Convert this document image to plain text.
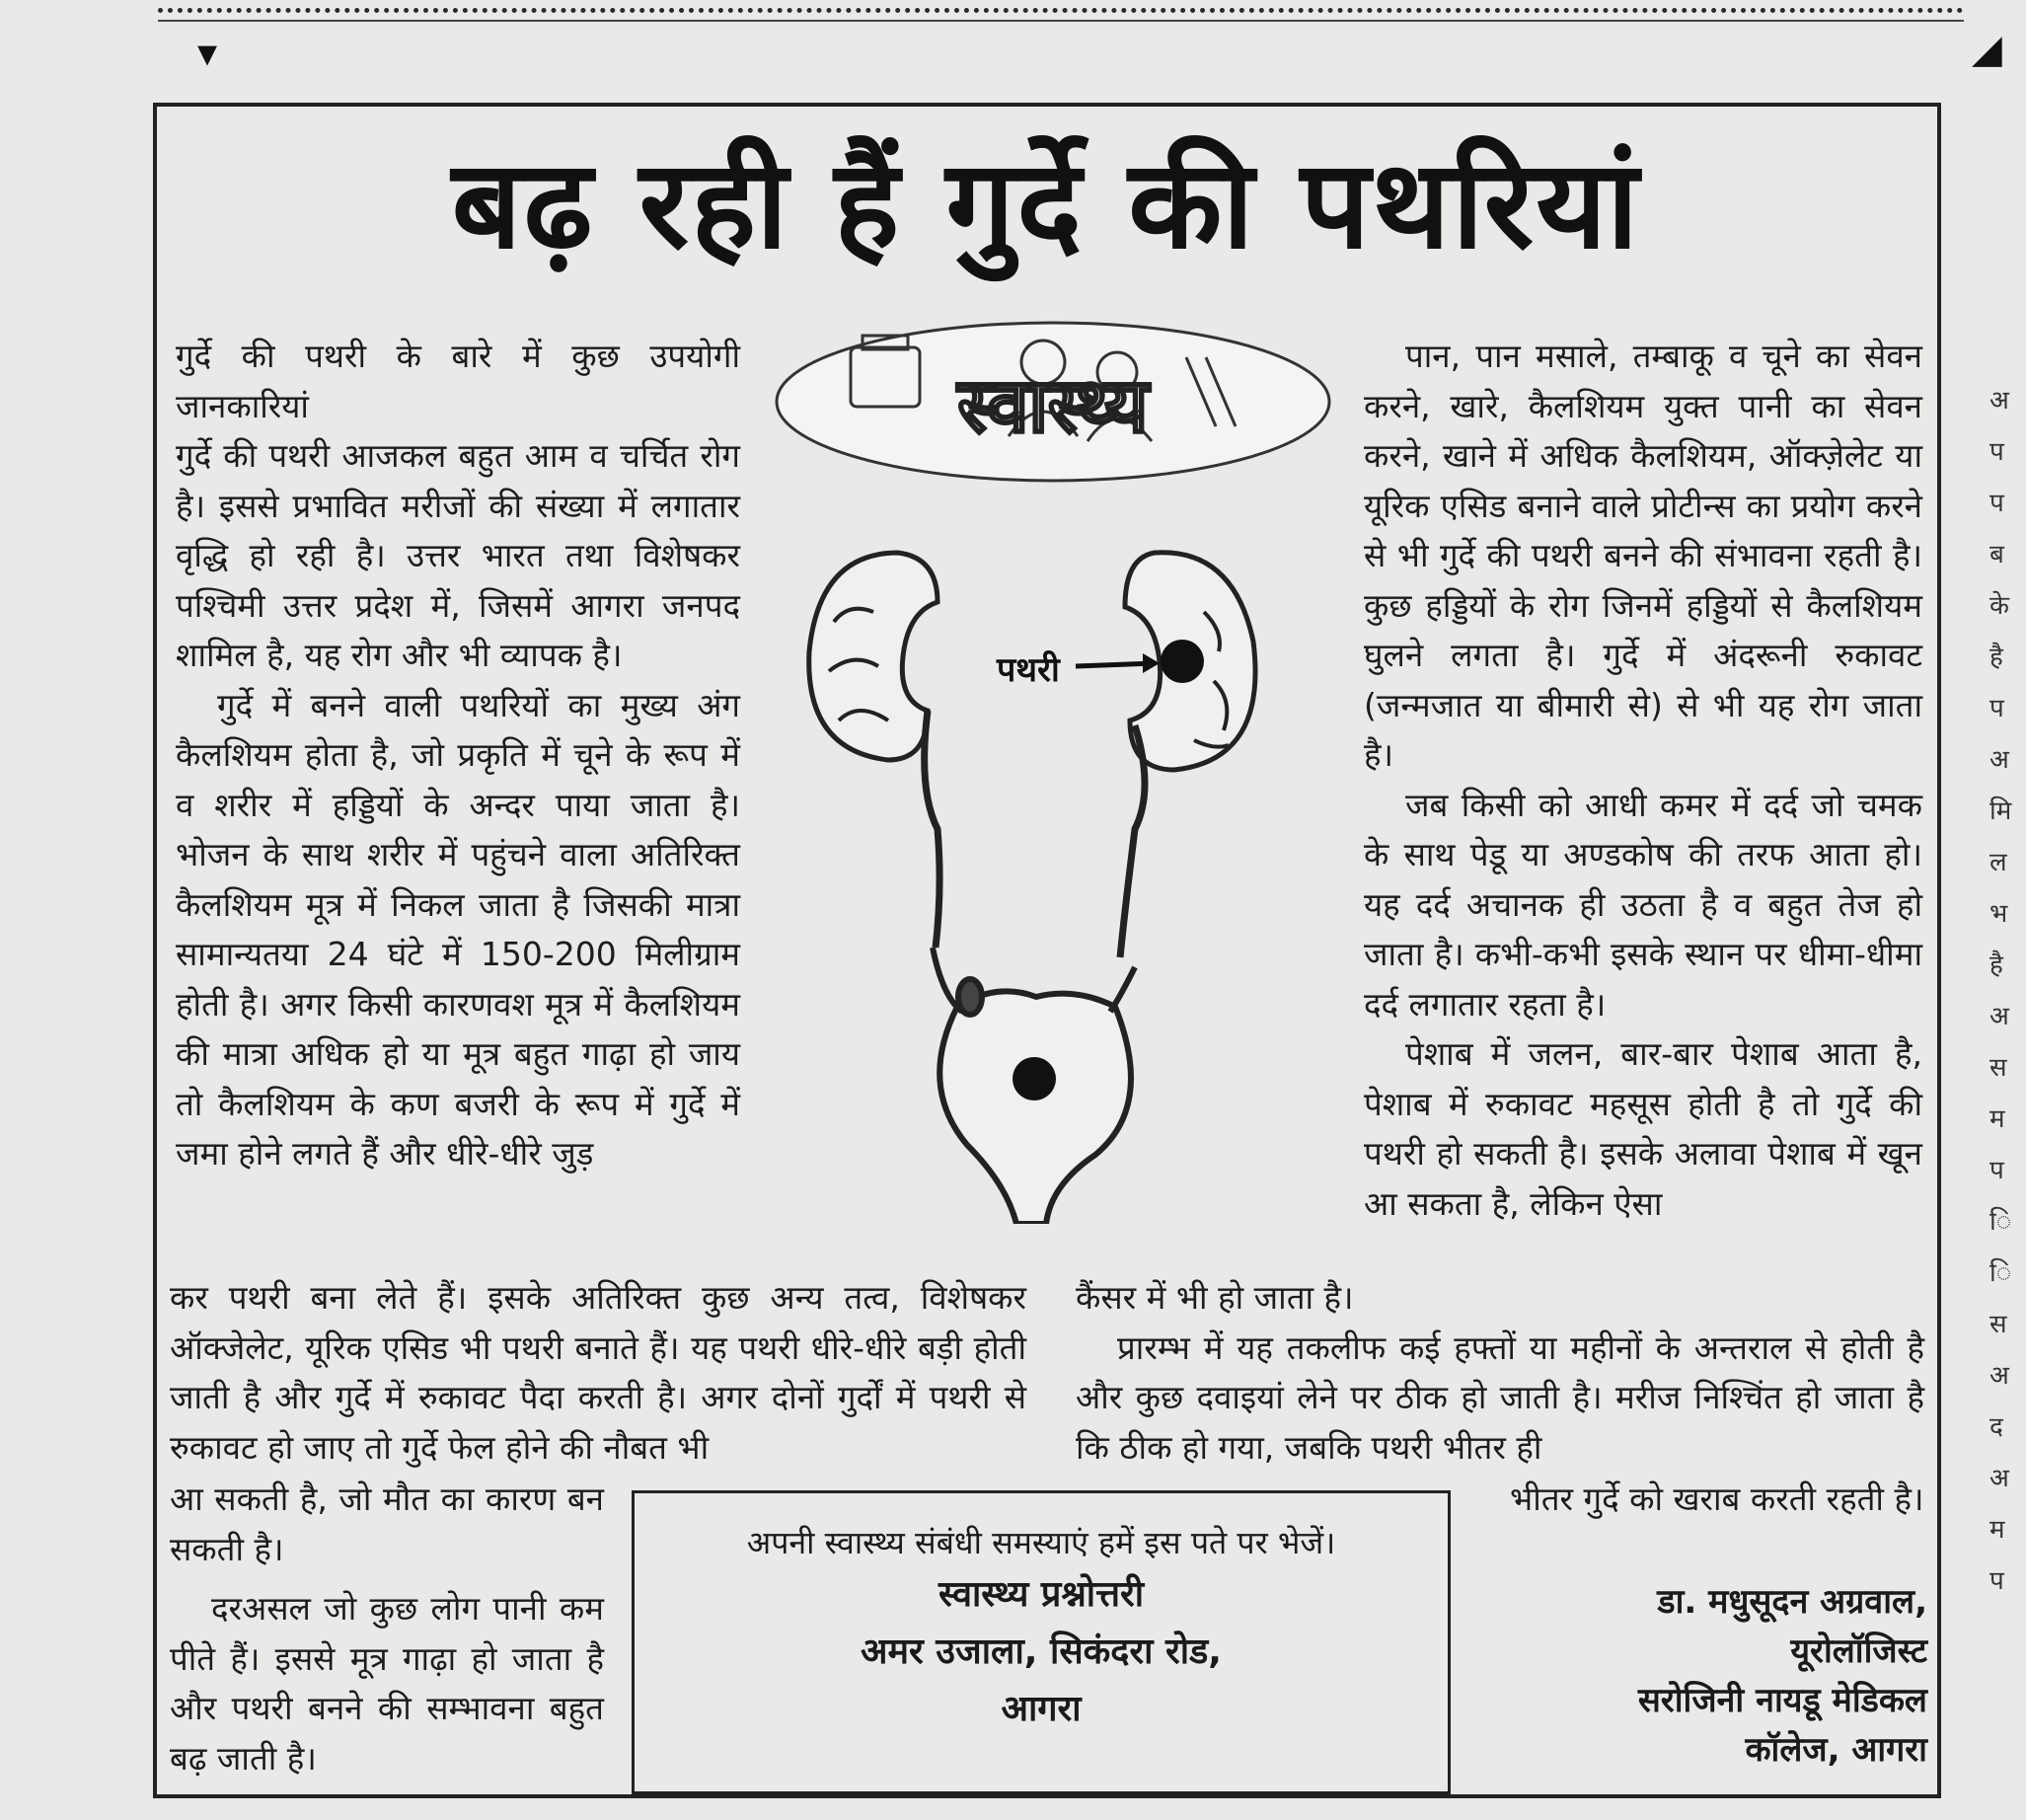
▾	◢
बढ़ रही हैं गुर्दे की पथरियां

गुर्दे की पथरी के बारे में कुछ उपयोगी जानकारियां

गुर्दे की पथरी आजकल बहुत आम व चर्चित रोग है। इससे प्रभावित मरीजों की संख्या में लगातार वृद्धि हो रही है। उत्तर भारत तथा विशेषकर पश्चिमी उत्तर प्रदेश में, जिसमें आगरा जनपद शामिल है, यह रोग और भी व्यापक है।

गुर्दे में बनने वाली पथरियों का मुख्य अंग कैलशियम होता है, जो प्रकृति में चूने के रूप में व शरीर में हड्डियों के अन्दर पाया जाता है। भोजन के साथ शरीर में पहुंचने वाला अतिरिक्त कैलशियम मूत्र में निकल जाता है जिसकी मात्रा सामान्यतया 24 घंटे में 150-200 मिलीग्राम होती है। अगर किसी कारणवश मूत्र में कैलशियम की मात्रा अधिक हो या मूत्र बहुत गाढ़ा हो जाय तो कैलशियम के कण बजरी के रूप में गुर्दे में जमा होने लगते हैं और धीरे-धीरे जुड़

कर पथरी बना लेते हैं। इसके अतिरिक्त कुछ अन्य तत्व, विशेषकर ऑक्जेलेट, यूरिक एसिड भी पथरी बनाते हैं। यह पथरी धीरे-धीरे बड़ी होती जाती है और गुर्दे में रुकावट पैदा करती है। अगर दोनों गुर्दों में पथरी से रुकावट हो जाए तो गुर्दे फेल होने की नौबत भी

आ सकती है, जो मौत का कारण बन सकती है।

दरअसल जो कुछ लोग पानी कम पीते हैं। इससे मूत्र गाढ़ा हो जाता है और पथरी बनने की सम्भावना बहुत बढ़ जाती है।

पान, पान मसाले, तम्बाकू व चूने का सेवन करने, खारे, कैलशियम युक्त पानी का सेवन करने, खाने में अधिक कैलशियम, ऑक्ज़ेलेट या यूरिक एसिड बनाने वाले प्रोटीन्स का प्रयोग करने से भी गुर्दे की पथरी बनने की संभावना रहती है। कुछ हड्डियों के रोग जिनमें हड्डियों से कैलशियम घुलने लगता है। गुर्दे में अंदरूनी रुकावट (जन्मजात या बीमारी से) से भी यह रोग जाता है।

जब किसी को आधी कमर में दर्द जो चमक के साथ पेडू या अण्डकोष की तरफ आता हो। यह दर्द अचानक ही उठता है व बहुत तेज हो जाता है। कभी-कभी इसके स्थान पर धीमा-धीमा दर्द लगातार रहता है।

पेशाब में जलन, बार-बार पेशाब आता है, पेशाब में रुकावट महसूस होती है तो गुर्दे की पथरी हो सकती है। इसके अलावा पेशाब में खून आ सकता है, लेकिन ऐसा

कैंसर में भी हो जाता है।

प्रारम्भ में यह तकलीफ कई हफ्तों या महीनों के अन्तराल से होती है और कुछ दवाइयां लेने पर ठीक हो जाती है। मरीज निश्चिंत हो जाता है कि ठीक हो गया, जबकि पथरी भीतर ही

भीतर गुर्दे को खराब करती रहती है।

स्वास्थ्य
पथरी
अपनी स्वास्थ्य संबंधी समस्याएं हमें इस पते पर भेजें।
स्वास्थ्य प्रश्नोत्तरी
अमर उजाला, सिकंदरा रोड,
आगरा
डा. मधुसूदन अग्रवाल,
यूरोलॉजिस्ट
सरोजिनी नायडू मेडिकल
कॉलेज, आगरा
अ
प
प
ब
के
है
प
अ
मि
ल
भ
है
अ
स
म
प
ि
ि
स
अ
द
अ
म
प
